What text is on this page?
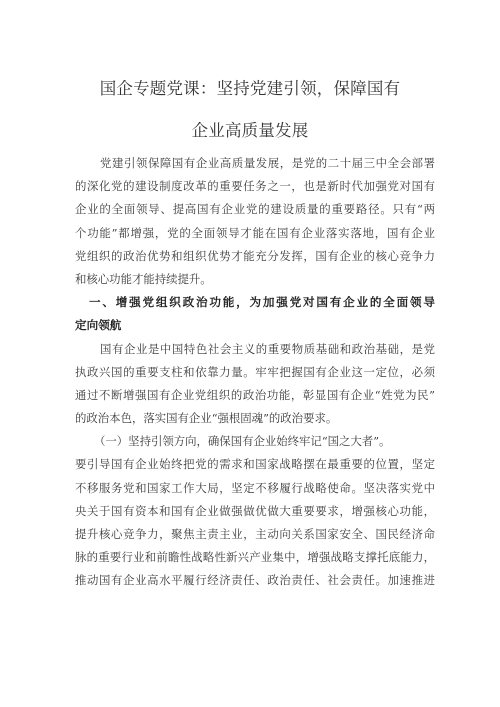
国企专题党课：坚持党建引领，保障国有
企业高质量发展
党建引领保障国有企业高质量发展，是党的二十届三中全会部署
的深化党的建设制度改革的重要任务之一，也是新时代加强党对国有
企业的全面领导、提高国有企业党的建设质量的重要路径。只有“两
个功能”都增强，党的全面领导才能在国有企业落实落地，国有企业
党组织的政治优势和组织优势才能充分发挥，国有企业的核心竞争力
和核心功能才能持续提升。
一、增强党组织政治功能，为加强党对国有企业的全面领导
定向领航
国有企业是中国特色社会主义的重要物质基础和政治基础，是党
执政兴国的重要支柱和依靠力量。牢牢把握国有企业这一定位，必须
通过不断增强国有企业党组织的政治功能，彰显国有企业“姓党为民”
的政治本色，落实国有企业“强根固魂”的政治要求。
（一）坚持引领方向，确保国有企业始终牢记“国之大者”。
要引导国有企业始终把党的需求和国家战略摆在最重要的位置，坚定
不移服务党和国家工作大局，坚定不移履行战略使命。坚决落实党中
央关于国有资本和国有企业做强做优做大重要要求，增强核心功能，
提升核心竞争力，聚焦主责主业，主动向关系国家安全、国民经济命
脉的重要行业和前瞻性战略性新兴产业集中，增强战略支撑托底能力，
推动国有企业高水平履行经济责任、政治责任、社会责任。加速推进
